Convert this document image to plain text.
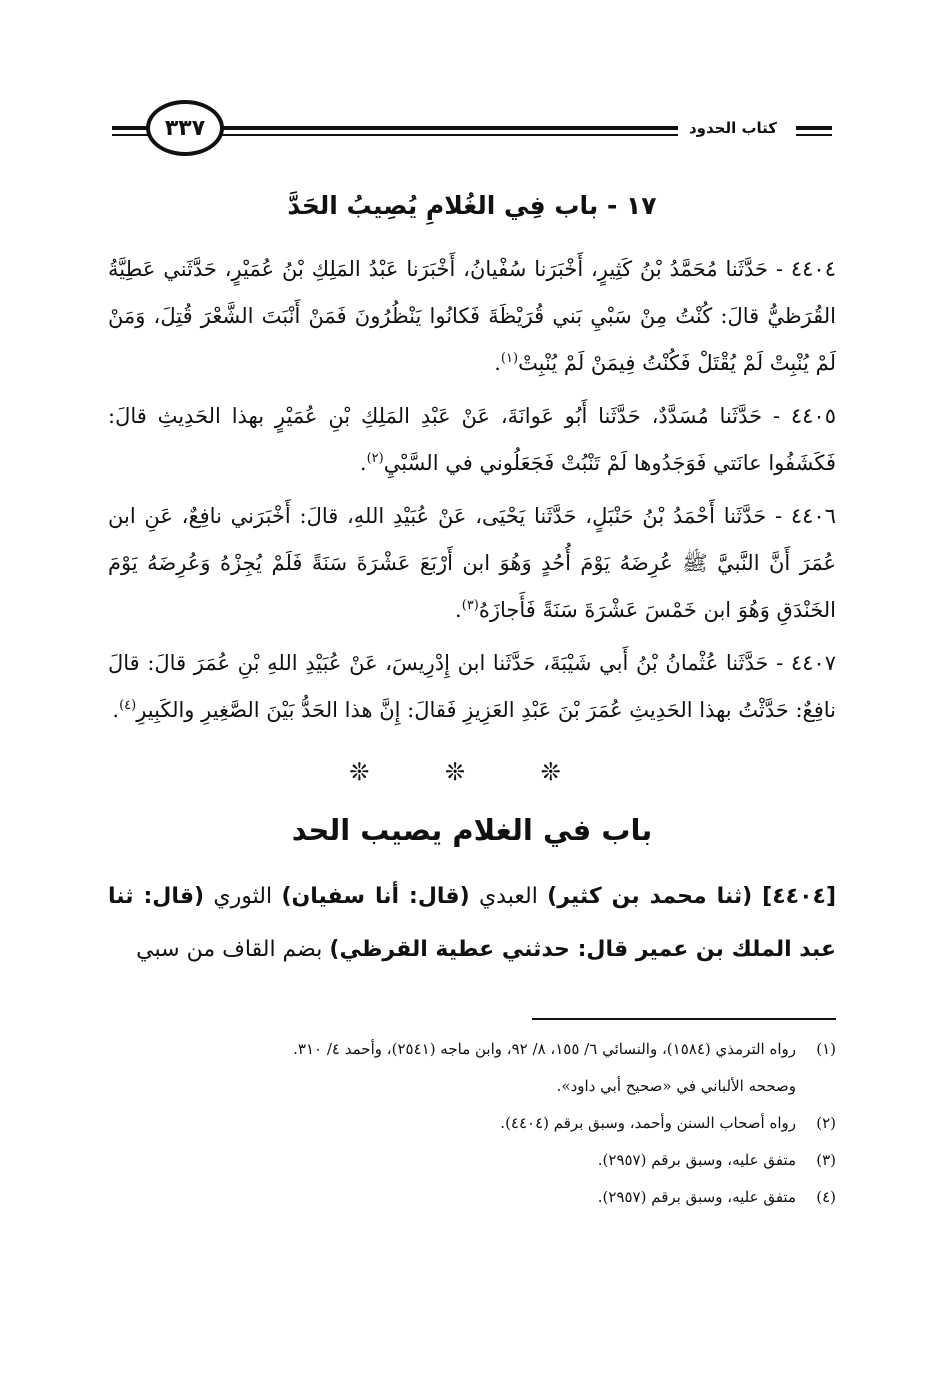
٣٣٧	كتاب الحدود
١٧ - باب فِي الغُلامِ يُصِيبُ الحَدَّ

٤٤٠٤ - حَدَّثَنا مُحَمَّدُ بْنُ كَثِيرٍ، أَخْبَرَنا سُفْيانُ، أَخْبَرَنا عَبْدُ المَلِكِ بْنُ عُمَيْرٍ، حَدَّثَني عَطِيَّةُ القُرَظيُّ قالَ: كُنْتُ مِنْ سَبْيِ بَني قُرَيْظَةَ فَكانُوا يَنْظُرُونَ فَمَنْ أَنْبَتَ الشَّعْرَ قُتِلَ، وَمَنْ لَمْ يُنْبِتْ لَمْ يُقْتَلْ فَكُنْتُ فِيمَنْ لَمْ يُنْبِتْ$^{(١)}$.

٤٤٠٥ - حَدَّثَنا مُسَدَّدٌ، حَدَّثَنا أَبُو عَوانَةَ، عَنْ عَبْدِ المَلِكِ بْنِ عُمَيْرٍ بهذا الحَدِيثِ قالَ: فَكَشَفُوا عانَتي فَوَجَدُوها لَمْ تَنْبُتْ فَجَعَلُوني في السَّبْيِ$^{(٢)}$.

٤٤٠٦ - حَدَّثَنا أَحْمَدُ بْنُ حَنْبَلٍ، حَدَّثَنا يَحْيَى، عَنْ عُبَيْدِ اللهِ، قالَ: أَخْبَرَني نافِعٌ، عَنِ ابن عُمَرَ أَنَّ النَّبيَّ ﷺ عُرِضَهُ يَوْمَ أُحُدٍ وَهُوَ ابن أَرْبَعَ عَشْرَةَ سَنَةً فَلَمْ يُجِزْهُ وَعُرِضَهُ يَوْمَ الخَنْدَقِ وَهُوَ ابن خَمْسَ عَشْرَةَ سَنَةً فَأَجازَهُ$^{(٣)}$.

٤٤٠٧ - حَدَّثَنا عُثْمانُ بْنُ أَبي شَيْبَةَ، حَدَّثَنا ابن إِدْرِيسَ، عَنْ عُبَيْدِ اللهِ بْنِ عُمَرَ قالَ: قالَ نافِعٌ: حَدَّثْتُ بهذا الحَدِيثِ عُمَرَ بْنَ عَبْدِ العَزِيزِ فَقالَ: إِنَّ هذا الحَدُّ بَيْنَ الصَّغِيرِ والكَبِيرِ$^{(٤)}$.

❊ ❊ ❊
باب في الغلام يصيب الحد

[٤٤٠٤] (ثنا محمد بن كثير) العبدي (قال: أنا سفيان) الثوري (قال: ثنا عبد الملك بن عمير قال: حدثني عطية القرظي) بضم القاف من سبي

(١)
رواه الترمذي (١٥٨٤)، والنسائي ٦/ ١٥٥، ٨/ ٩٢، وابن ماجه (٢٥٤١)، وأحمد ٤/ ٣١٠.
وصححه الألباني في «صحيح أبي داود».
(٢)
رواه أصحاب السنن وأحمد، وسبق برقم (٤٤٠٤).
(٣)
متفق عليه، وسبق برقم (٢٩٥٧).
(٤)
متفق عليه، وسبق برقم (٢٩٥٧).
